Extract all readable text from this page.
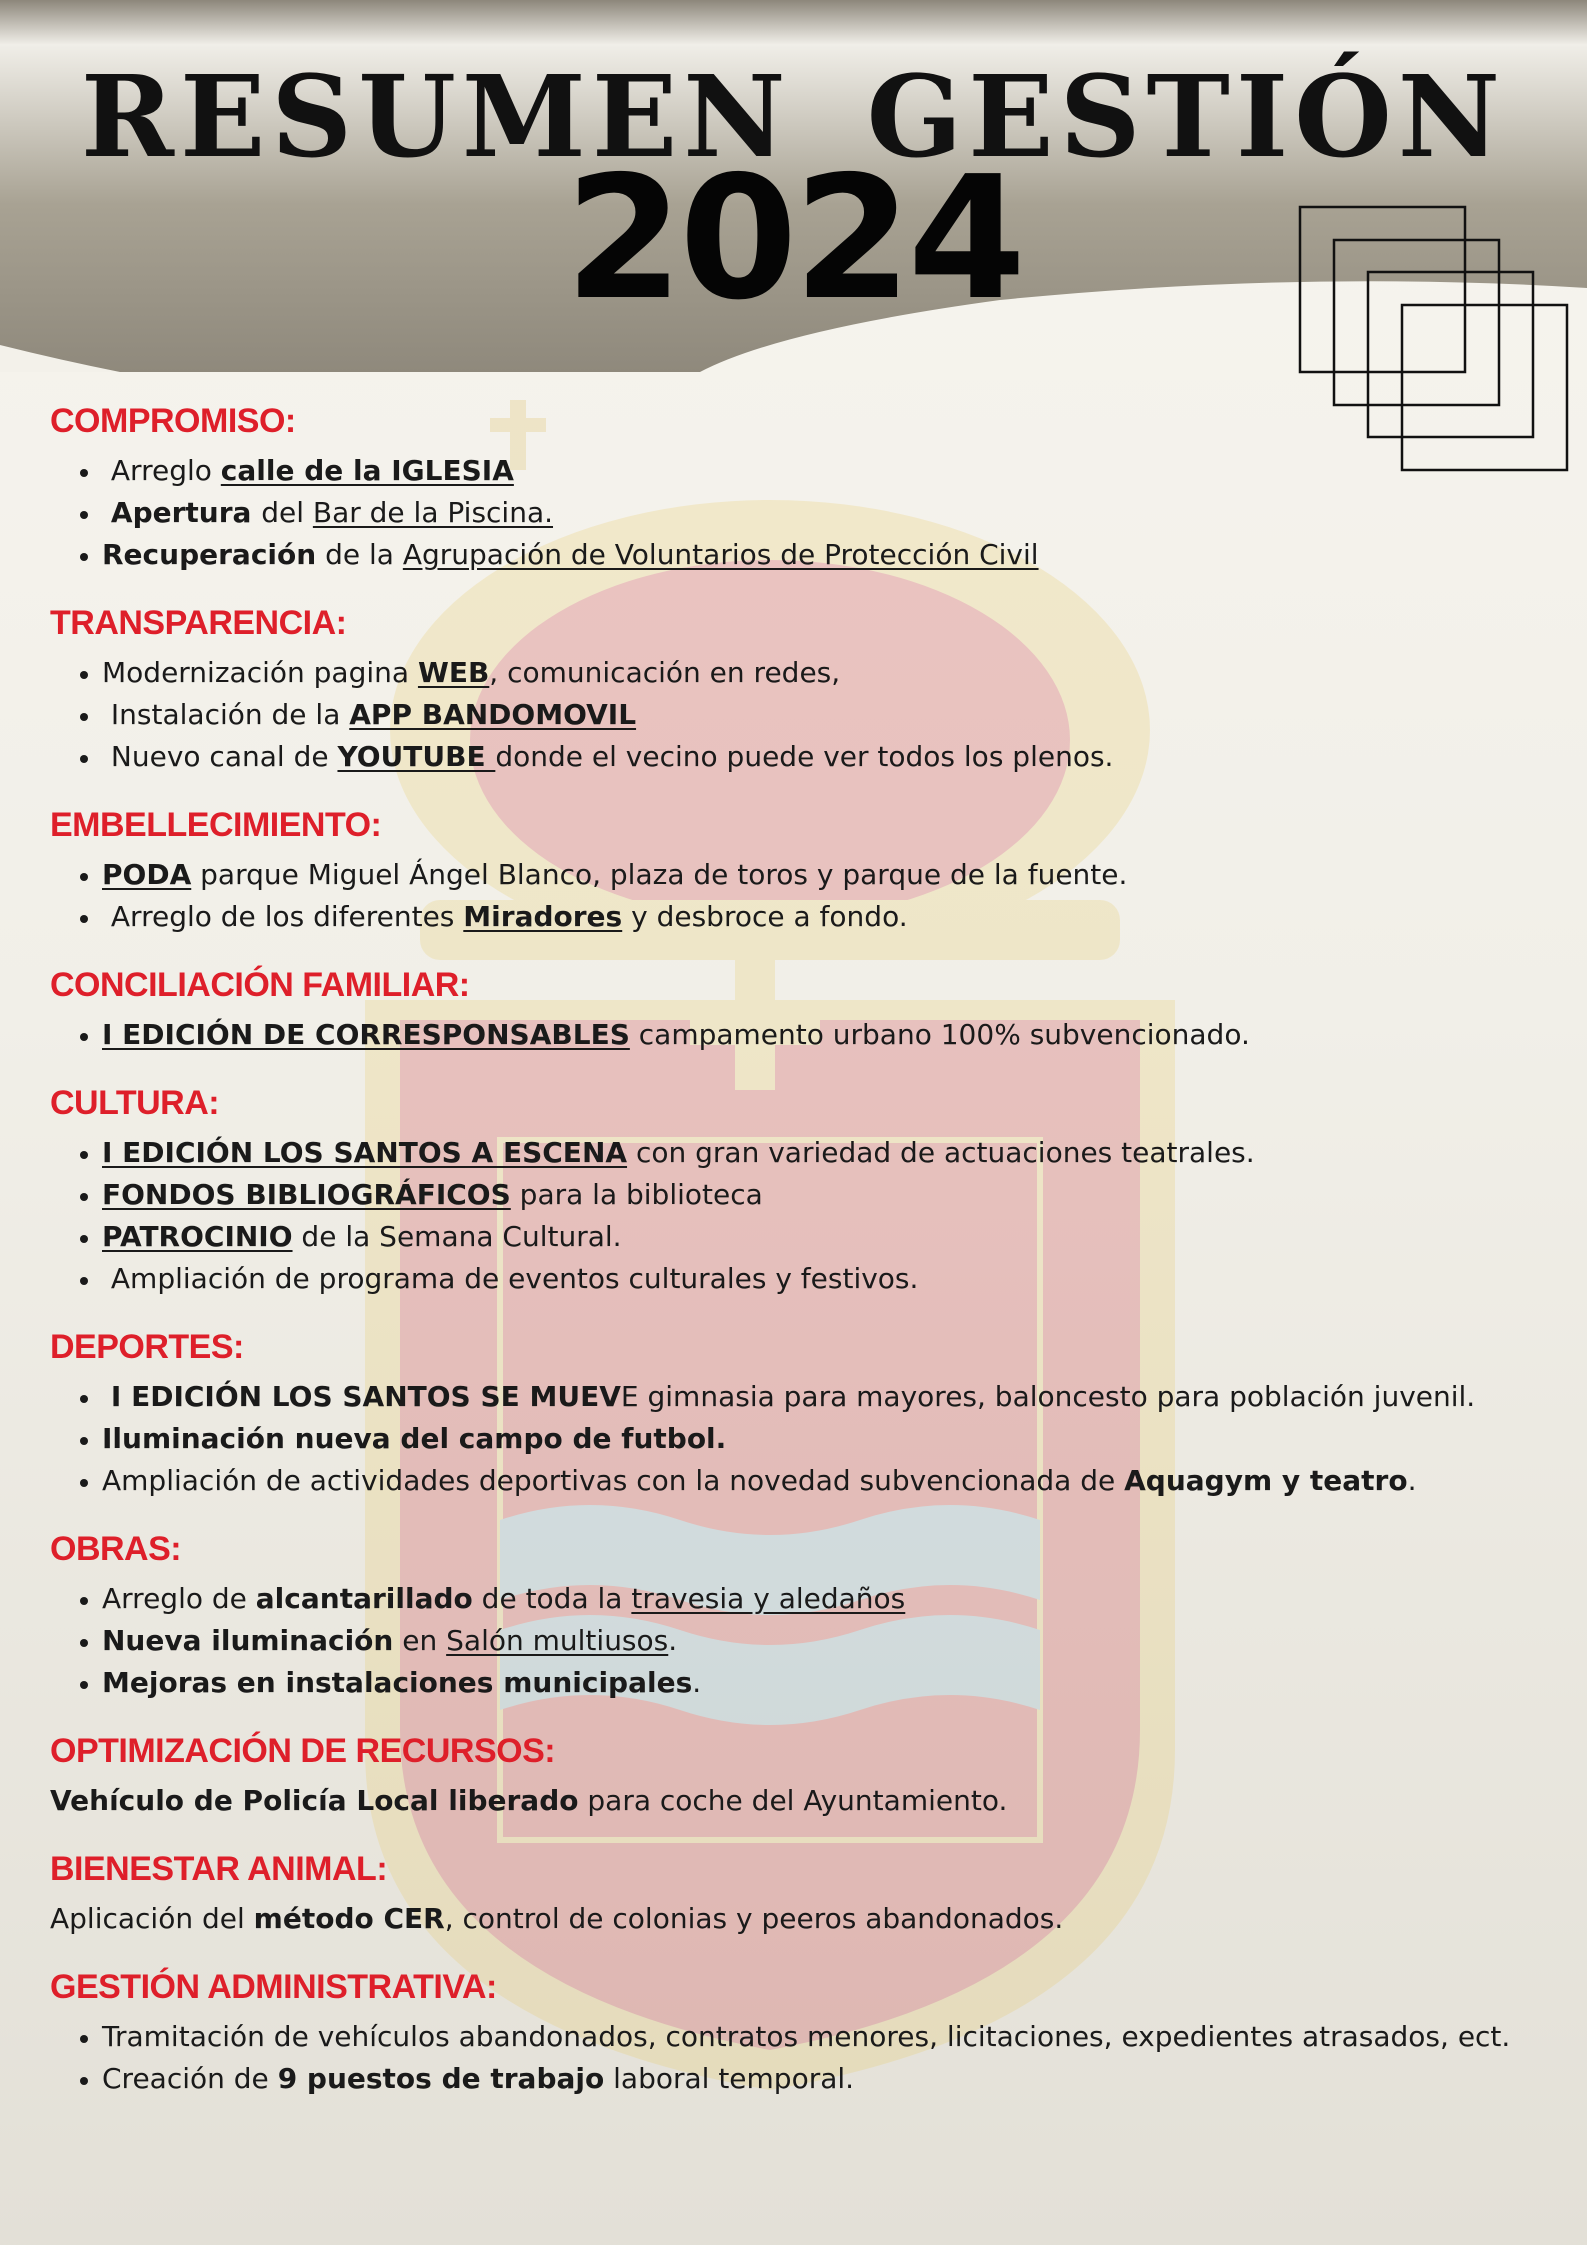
RESUMEN GESTIÓN
2024
COMPROMISO:
• Arreglo calle de la IGLESIA
• Apertura del Bar de la Piscina.
• Recuperación de la Agrupación de Voluntarios de Protección Civil
TRANSPARENCIA:
• Modernización pagina WEB, comunicación en redes,
• Instalación de la APP BANDOMOVIL
• Nuevo canal de YOUTUBE donde el vecino puede ver todos los plenos.
EMBELLECIMIENTO:
• PODA parque Miguel Ángel Blanco, plaza de toros y parque de la fuente.
• Arreglo de los diferentes Miradores y desbroce a fondo.
CONCILIACIÓN FAMILIAR:
• I EDICIÓN DE CORRESPONSABLES campamento urbano 100% subvencionado.
CULTURA:
• I EDICIÓN LOS SANTOS A ESCENA con gran variedad de actuaciones teatrales.
• FONDOS BIBLIOGRÁFICOS para la biblioteca
• PATROCINIO de la Semana Cultural.
• Ampliación de programa de eventos culturales y festivos.
DEPORTES:
• I EDICIÓN LOS SANTOS SE MUEVE gimnasia para mayores, baloncesto para población juvenil.
• Iluminación nueva del campo de futbol.
• Ampliación de actividades deportivas con la novedad subvencionada de Aquagym y teatro.
OBRAS:
• Arreglo de alcantarillado de toda la travesia y aledaños
• Nueva iluminación en Salón multiusos.
• Mejoras en instalaciones municipales.
OPTIMIZACIÓN DE RECURSOS:
Vehículo de Policía Local liberado para coche del Ayuntamiento.
BIENESTAR ANIMAL:
Aplicación del método CER, control de colonias y peeros abandonados.
GESTIÓN ADMINISTRATIVA:
• Tramitación de vehículos abandonados, contratos menores, licitaciones, expedientes atrasados, ect.
• Creación de 9 puestos de trabajo laboral temporal.
